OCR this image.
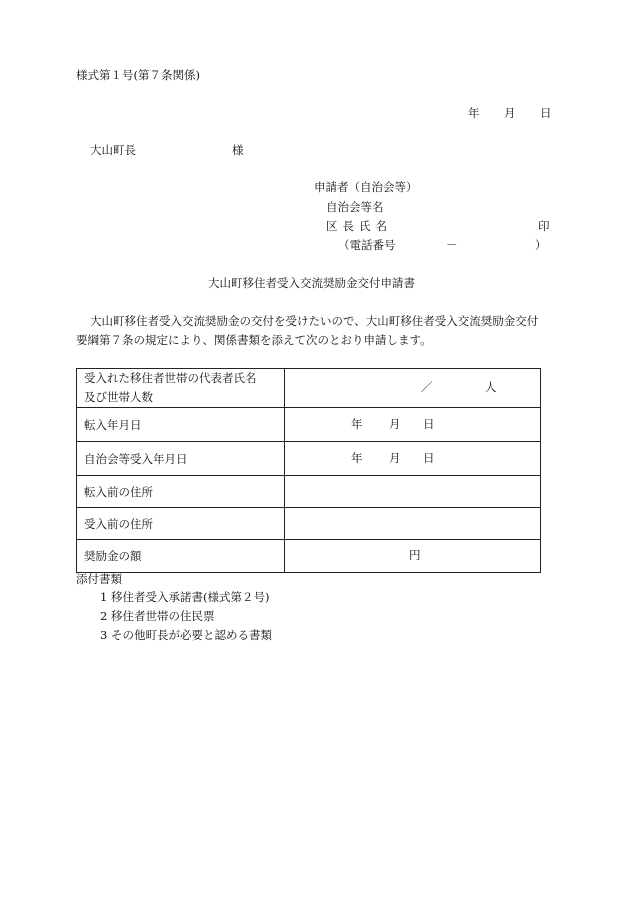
様式第１号(第７条関係)
年 月 日
大山町長	様
申請者（自治会等）
自治会等名
区長氏名	印
（電話番号	－	）
大山町移住者受入交流奨励金交付申請書
大山町移住者受入交流奨励金の交付を受けたいので、大山町移住者受入交流奨励金交付
要綱第７条の規定により、関係書類を添えて次のとおり申請します。
受入れた移住者世帯の代表者氏名
及び世帯人数	／ 人

転入年月日	年 月 日

自治会等受入年月日	年 月 日

転入前の住所	
受入前の住所	
奨励金の額	円
添付書類
1 移住者受入承諾書(様式第２号)
2 移住者世帯の住民票
3 その他町長が必要と認める書類
